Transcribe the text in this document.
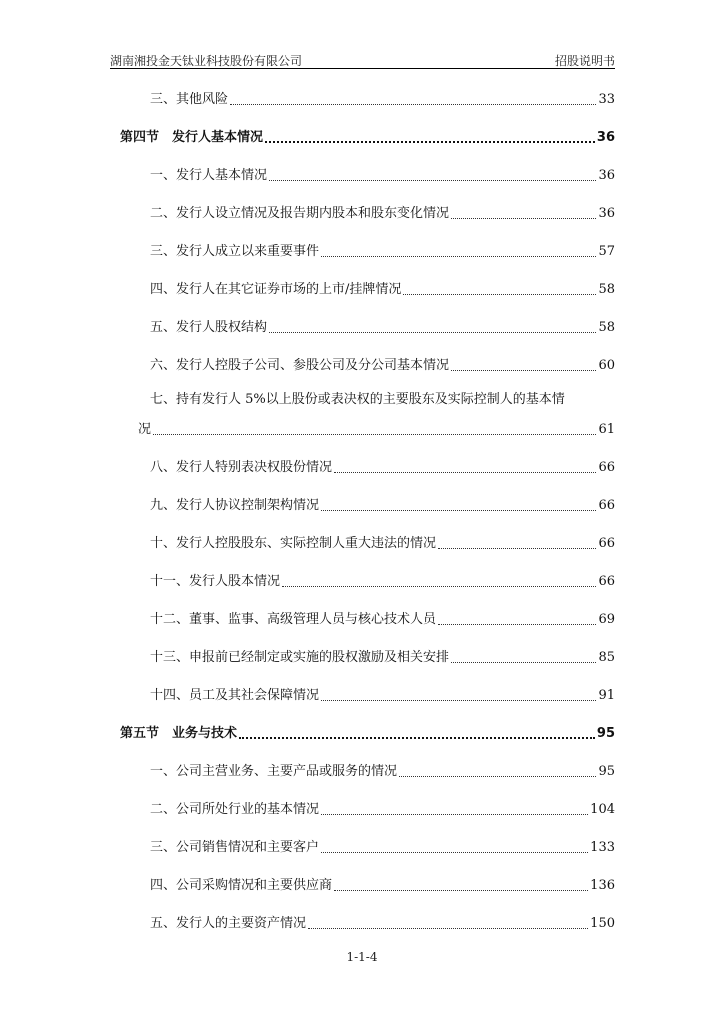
湖南湘投金天钛业科技股份有限公司	招股说明书
三、其他风险	33
第四节　发行人基本情况	36
一、发行人基本情况	36
二、发行人设立情况及报告期内股本和股东变化情况	36
三、发行人成立以来重要事件	57
四、发行人在其它证券市场的上市/挂牌情况	58
五、发行人股权结构	58
六、发行人控股子公司、参股公司及分公司基本情况	60
七、持有发行人 5%以上股份或表决权的主要股东及实际控制人的基本情
况	61
八、发行人特别表决权股份情况	66
九、发行人协议控制架构情况	66
十、发行人控股股东、实际控制人重大违法的情况	66
十一、发行人股本情况	66
十二、董事、监事、高级管理人员与核心技术人员	69
十三、申报前已经制定或实施的股权激励及相关安排	85
十四、员工及其社会保障情况	91
第五节　业务与技术	95
一、公司主营业务、主要产品或服务的情况	95
二、公司所处行业的基本情况	104
三、公司销售情况和主要客户	133
四、公司采购情况和主要供应商	136
五、发行人的主要资产情况	150
1-1-4
